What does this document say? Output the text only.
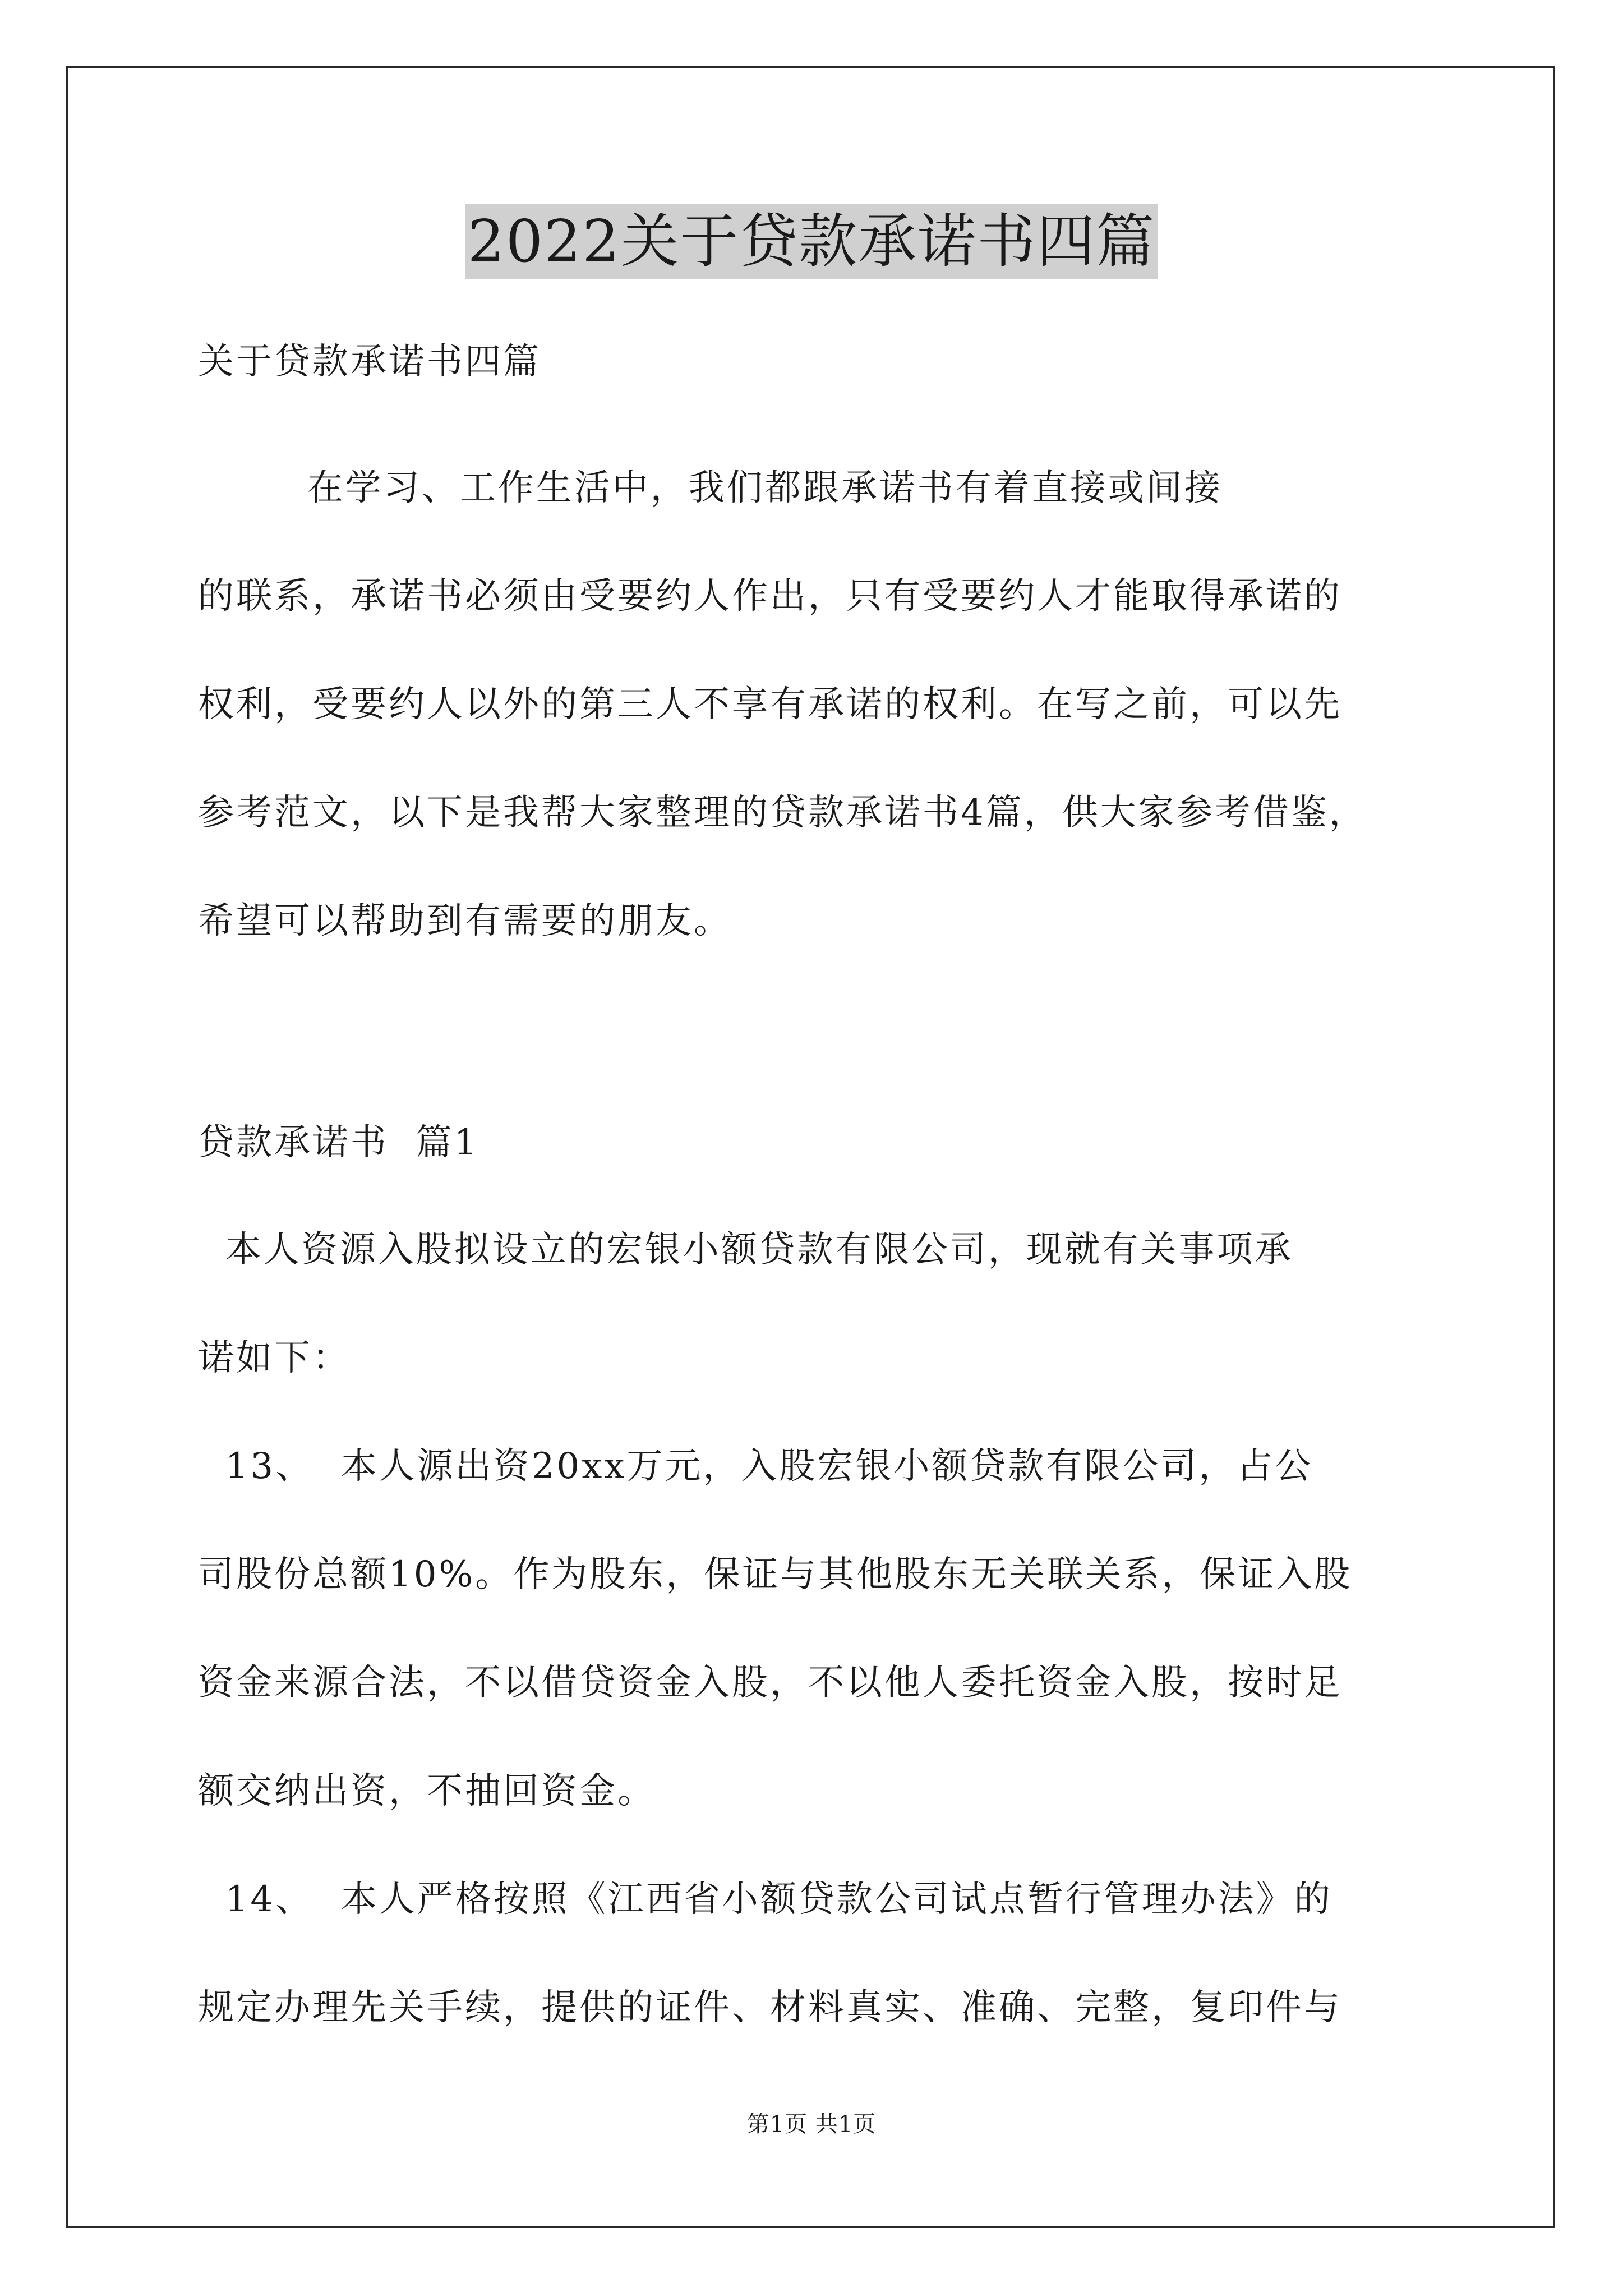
2022关于贷款承诺书四篇
关于贷款承诺书四篇
在学习、工作生活中，我们都跟承诺书有着直接或间接
的联系，承诺书必须由受要约人作出，只有受要约人才能取得承诺的
权利，受要约人以外的第三人不享有承诺的权利。在写之前，可以先
参考范文，以下是我帮大家整理的贷款承诺书4篇，供大家参考借鉴，
希望可以帮助到有需要的朋友。
贷款承诺书  篇1
本人资源入股拟设立的宏银小额贷款有限公司，现就有关事项承
诺如下：
13、  本人源出资20xx万元，入股宏银小额贷款有限公司，占公
司股份总额10%。作为股东，保证与其他股东无关联关系，保证入股
资金来源合法，不以借贷资金入股，不以他人委托资金入股，按时足
额交纳出资，不抽回资金。
14、  本人严格按照《江西省小额贷款公司试点暂行管理办法》的
规定办理先关手续，提供的证件、材料真实、准确、完整，复印件与
第1页 共1页
